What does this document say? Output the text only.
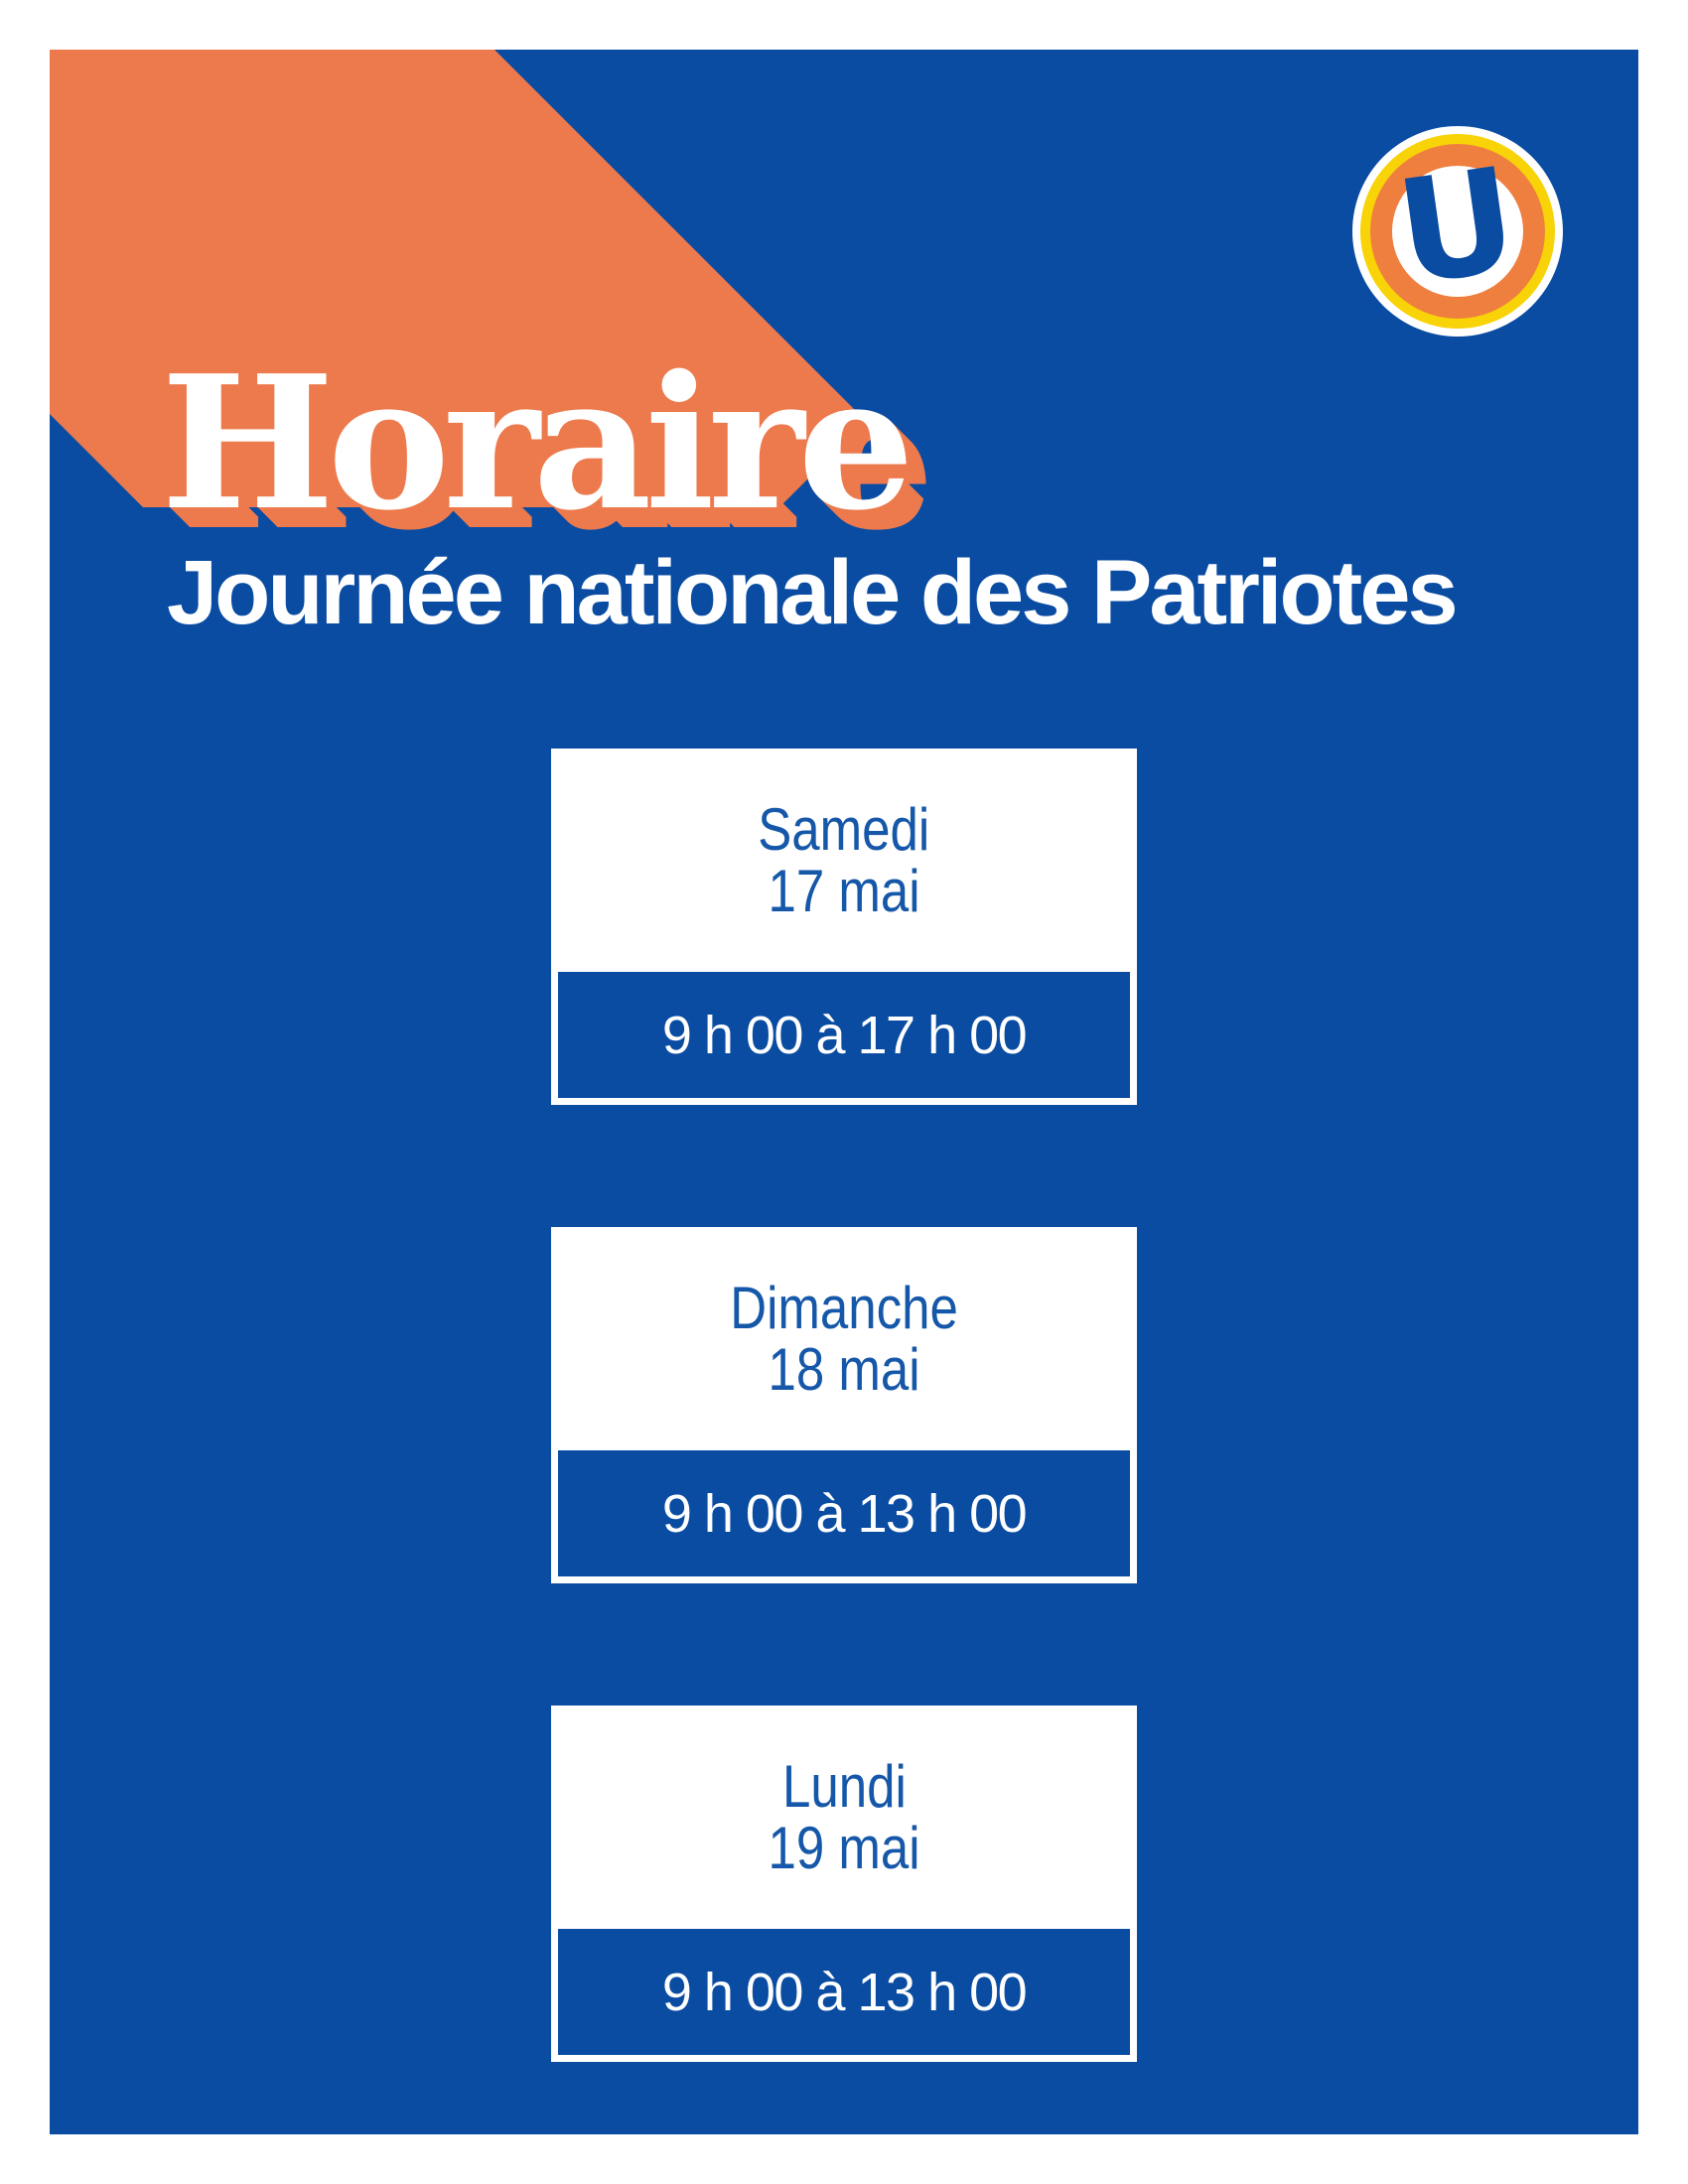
Horaire
Journée nationale des Patriotes
U
Samedi
17 mai
9 h 00 à 17 h 00
Dimanche
18 mai
9 h 00 à 13 h 00
Lundi
19 mai
9 h 00 à 13 h 00
